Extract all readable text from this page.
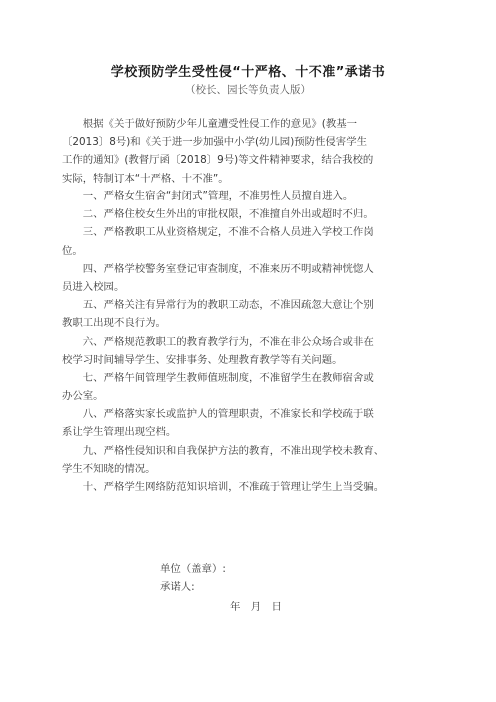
学校预防学生受性侵“十严格、十不准”承诺书
（校长、园长等负责人版）
　　根据《关于做好预防少年儿童遭受性侵工作的意见》(教基一
〔2013〕8号)和《关于进一步加强中小学(幼儿园)预防性侵害学生
工作的通知》(教督厅函〔2018〕9号)等文件精神要求，结合我校的
实际，特制订本“十严格、十不准”。
　　一、严格女生宿舍“封闭式”管理，不准男性人员擅自进入。
　　二、严格住校女生外出的审批权限，不准擅自外出或超时不归。
　　三、严格教职工从业资格规定，不准不合格人员进入学校工作岗
位。
　　四、严格学校警务室登记审查制度，不准来历不明或精神恍惚人
员进入校园。
　　五、严格关注有异常行为的教职工动态，不准因疏忽大意让个别
教职工出现不良行为。
　　六、严格规范教职工的教育教学行为，不准在非公众场合或非在
校学习时间辅导学生、安排事务、处理教育教学等有关问题。
　　七、严格午间管理学生教师值班制度，不准留学生在教师宿舍或
办公室。
　　八、严格落实家长或监护人的管理职责，不准家长和学校疏于联
系让学生管理出现空档。
　　九、严格性侵知识和自我保护方法的教育，不准出现学校未教育、
学生不知晓的情况。
　　十、严格学生网络防范知识培训，不准疏于管理让学生上当受骗。
单位（盖章）:
承诺人:
年　月　日
